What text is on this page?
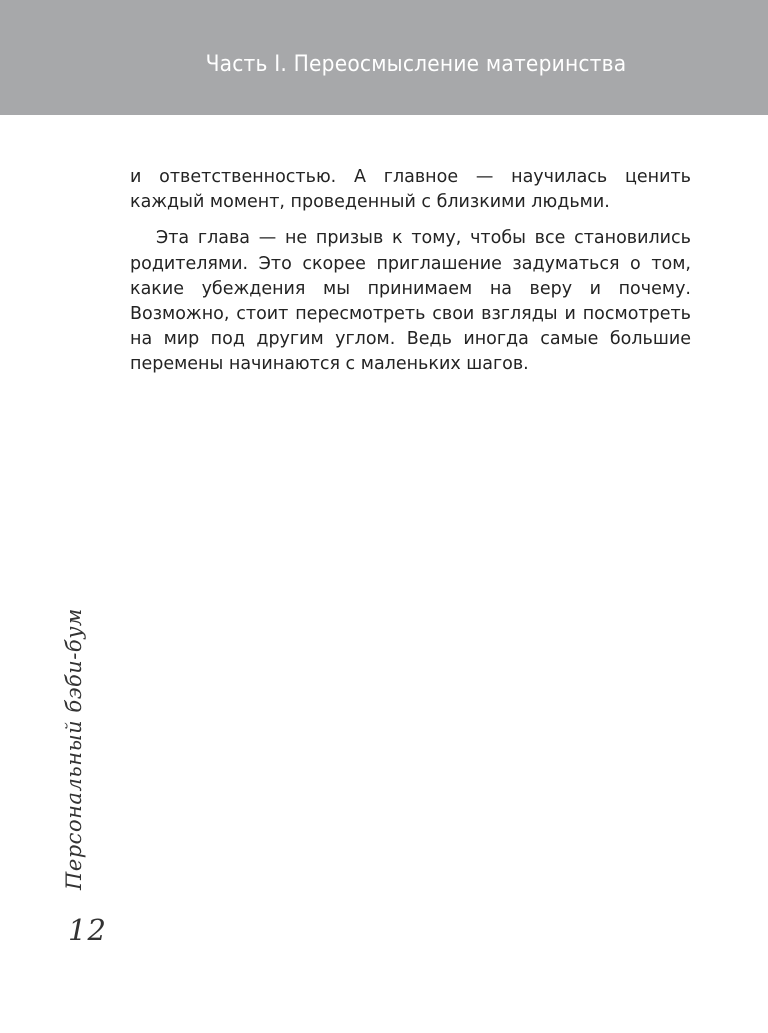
Часть I. Переосмысление материнства

и ответственностью. А главное — научилась ценить каждый момент, проведенный с близкими людьми.

Эта глава — не призыв к тому, чтобы все становились родителями. Это скорее приглашение задуматься о том, какие убеждения мы принимаем на веру и почему. Возможно, стоит пересмотреть свои взгляды и посмотреть на мир под другим углом. Ведь иногда самые большие перемены начинаются с маленьких шагов.

Персональный бэби-бум
12
